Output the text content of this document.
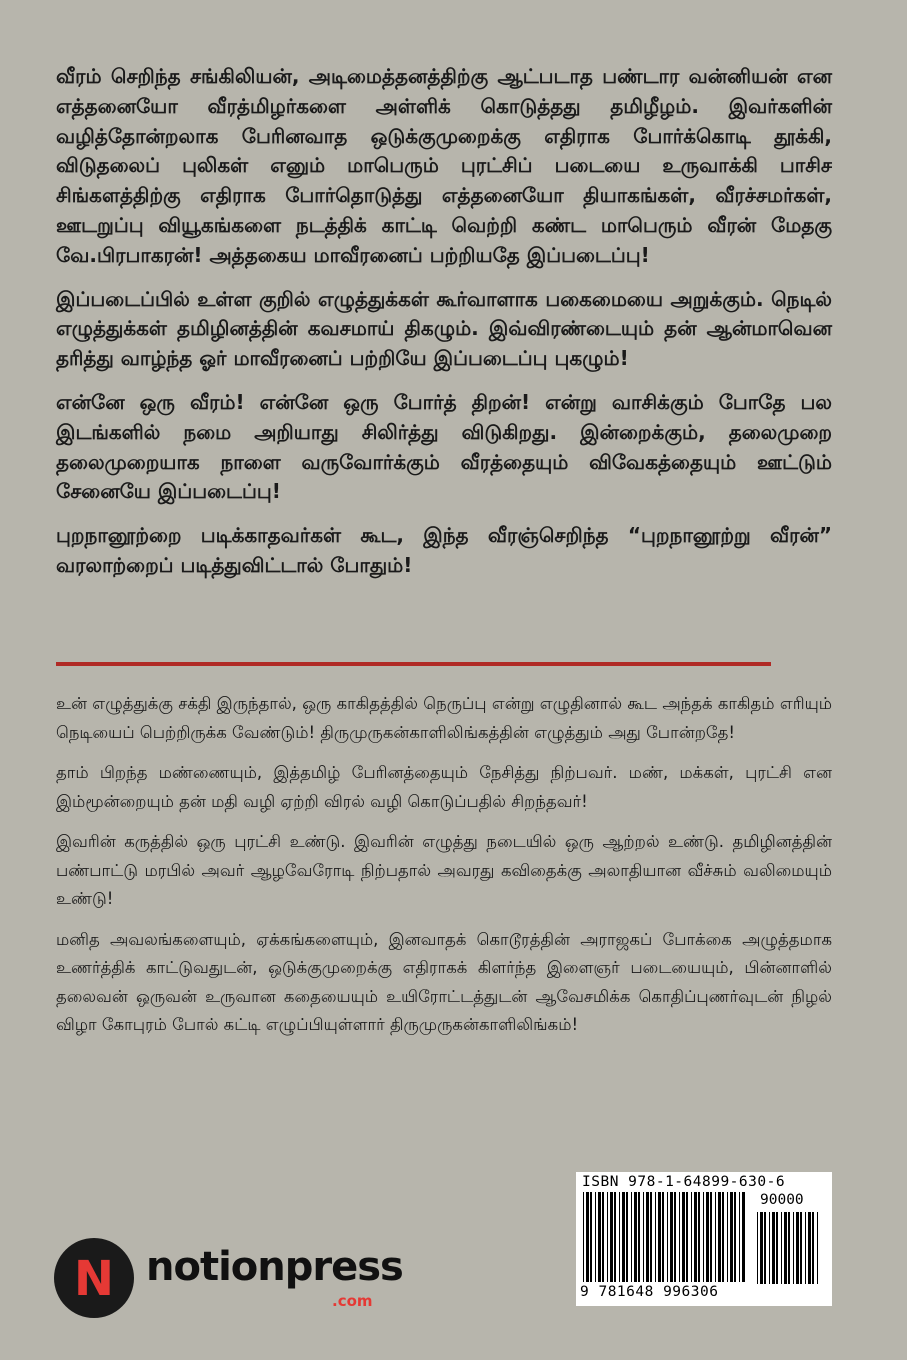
வீரம் செறிந்த சங்கிலியன், அடிமைத்தனத்திற்கு ஆட்படாத பண்டார வன்னியன் என எத்தனையோ வீரத்மிழர்களை அள்ளிக் கொடுத்தது தமிழீழம். இவர்களின் வழித்தோன்றலாக பேரினவாத ஒடுக்குமுறைக்கு எதிராக போர்க்கொடி தூக்கி, விடுதலைப் புலிகள் எனும் மாபெரும் புரட்சிப் படையை உருவாக்கி பாசிச சிங்களத்திற்கு எதிராக போர்தொடுத்து எத்தனையோ தியாகங்கள், வீரச்சமர்கள், ஊடறுப்பு வியூகங்களை நடத்திக் காட்டி வெற்றி கண்ட மாபெரும் வீரன் மேதகு வே.பிரபாகரன்! அத்தகைய மாவீரனைப் பற்றியதே இப்படைப்பு!

இப்படைப்பில் உள்ள குறில் எழுத்துக்கள் கூர்வாளாக பகைமையை அறுக்கும். நெடில் எழுத்துக்கள் தமிழினத்தின் கவசமாய் திகழும். இவ்விரண்டையும் தன் ஆன்மாவென தரித்து வாழ்ந்த ஓர் மாவீரனைப் பற்றியே இப்படைப்பு புகழும்!

என்னே ஒரு வீரம்! என்னே ஒரு போர்த் திறன்! என்று வாசிக்கும் போதே பல இடங்களில் நமை அறியாது சிலிர்த்து விடுகிறது. இன்றைக்கும், தலைமுறை தலைமுறையாக நாளை வருவோர்க்கும் வீரத்தையும் விவேகத்தையும் ஊட்டும் சேனையே இப்படைப்பு!

புறநானூற்றை படிக்காதவர்கள் கூட, இந்த வீரஞ்செறிந்த “புறநானூற்று வீரன்” வரலாற்றைப் படித்துவிட்டால் போதும்!

உன் எழுத்துக்கு சக்தி இருந்தால், ஒரு காகிதத்தில் நெருப்பு என்று எழுதினால் கூட அந்தக் காகிதம் எரியும் நெடியைப் பெற்றிருக்க வேண்டும்! திருமுருகன்காளிலிங்கத்தின் எழுத்தும் அது போன்றதே!

தாம் பிறந்த மண்ணையும், இத்தமிழ் பேரினத்தையும் நேசித்து நிற்பவர். மண், மக்கள், புரட்சி என இம்மூன்றையும் தன் மதி வழி ஏற்றி விரல் வழி கொடுப்பதில் சிறந்தவர்!

இவரின் கருத்தில் ஒரு புரட்சி உண்டு. இவரின் எழுத்து நடையில் ஒரு ஆற்றல் உண்டு. தமிழினத்தின் பண்பாட்டு மரபில் அவர் ஆழவேரோடி நிற்பதால் அவரது கவிதைக்கு அலாதியான வீச்சும் வலிமையும் உண்டு!

மனித அவலங்களையும், ஏக்கங்களையும், இனவாதக் கொடூரத்தின் அராஜகப் போக்கை அழுத்தமாக உணர்த்திக் காட்டுவதுடன், ஒடுக்குமுறைக்கு எதிராகக் கிளர்ந்த இளைஞர் படையையும், பின்னாளில் தலைவன் ஒருவன் உருவான கதையையும் உயிரோட்டத்துடன் ஆவேசமிக்க கொதிப்புணர்வுடன் நிழல் விழா கோபுரம் போல் கட்டி எழுப்பியுள்ளார் திருமுருகன்காளிலிங்கம்!

N notionpress
.com
ISBN 978-1-64899-630-6
90000
9 781648 996306
